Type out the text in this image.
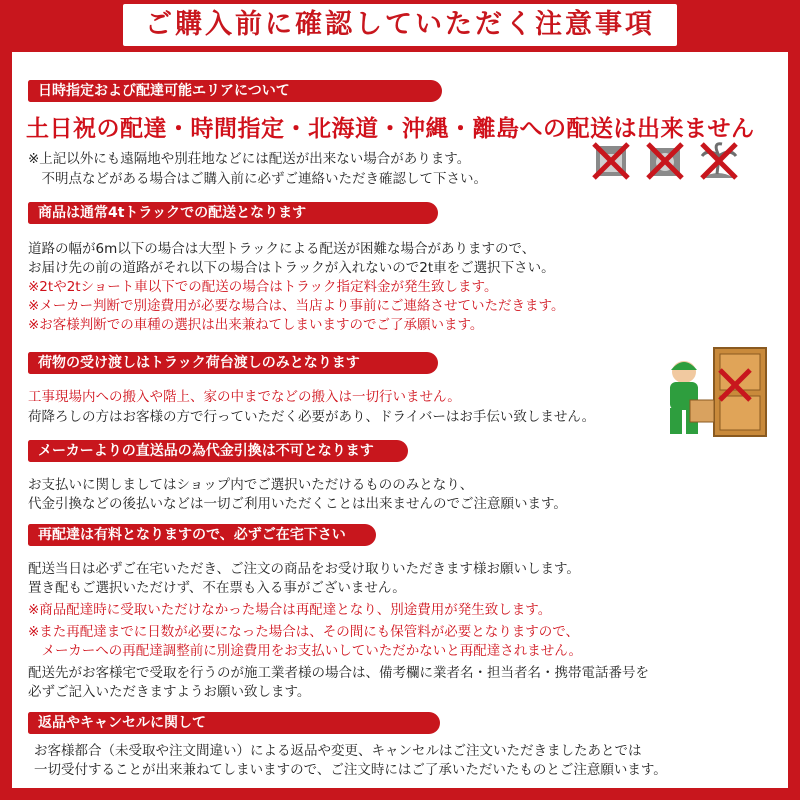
ご購入前に確認していただく注意事項
日時指定および配達可能エリアについて
土日祝の配達・時間指定・北海道・沖縄・離島への配送は出来ません
※上記以外にも遠隔地や別荘地などには配送が出来ない場合があります。
　不明点などがある場合はご購入前に必ずご連絡いただき確認して下さい。
商品は通常4tトラックでの配送となります
道路の幅が6m以下の場合は大型トラックによる配送が困難な場合がありますので、
お届け先の前の道路がそれ以下の場合はトラックが入れないので2t車をご選択下さい。
※2tや2tショート車以下での配送の場合はトラック指定料金が発生致します。
※メーカー判断で別途費用が必要な場合は、当店より事前にご連絡させていただきます。
※お客様判断での車種の選択は出来兼ねてしまいますのでご了承願います。
荷物の受け渡しはトラック荷台渡しのみとなります
工事現場内への搬入や階上、家の中までなどの搬入は一切行いません。
荷降ろしの方はお客様の方で行っていただく必要があり、ドライバーはお手伝い致しません。
メーカーよりの直送品の為代金引換は不可となります
お支払いに関しましてはショップ内でご選択いただけるもののみとなり、
代金引換などの後払いなどは一切ご利用いただくことは出来ませんのでご注意願います。
再配達は有料となりますので、必ずご在宅下さい
配送当日は必ずご在宅いただき、ご注文の商品をお受け取りいただきます様お願いします。
置き配もご選択いただけず、不在票も入る事がございません。
※商品配達時に受取いただけなかった場合は再配達となり、別途費用が発生致します。
※また再配達までに日数が必要になった場合は、その間にも保管料が必要となりますので、
　メーカーへの再配達調整前に別途費用をお支払いしていただかないと再配達されません。
配送先がお客様宅で受取を行うのが施工業者様の場合は、備考欄に業者名・担当者名・携帯電話番号を
必ずご記入いただきますようお願い致します。
返品やキャンセルに関して
お客様都合（未受取や注文間違い）による返品や変更、キャンセルはご注文いただきましたあとでは
一切受付することが出来兼ねてしまいますので、ご注文時にはご了承いただいたものとご注意願います。
